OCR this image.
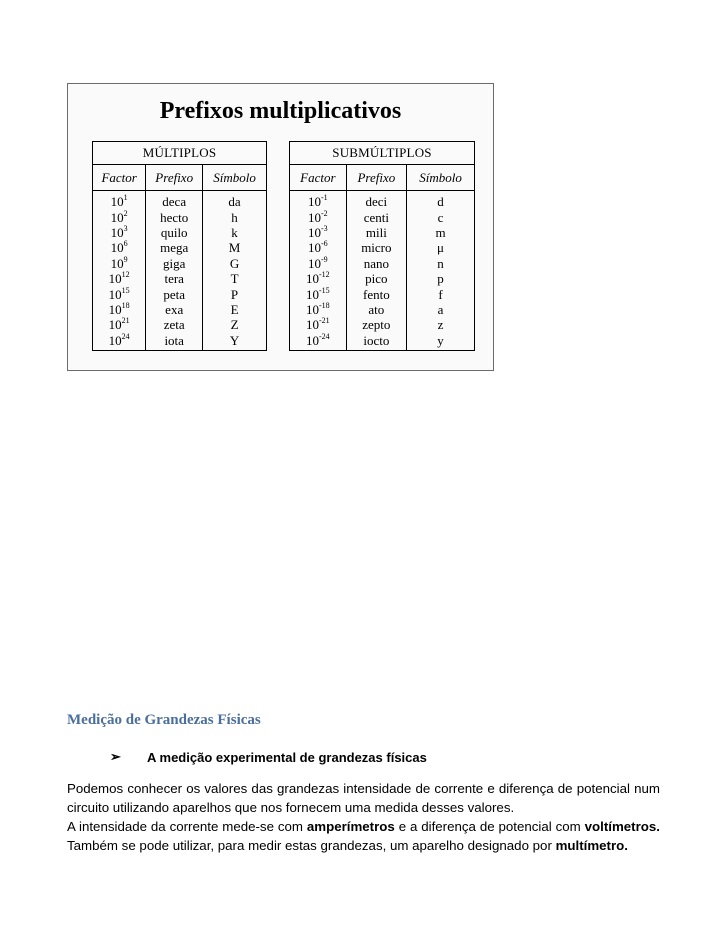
Prefixos multiplicativos
MÚLTIPLOS		
Factor	Prefixo	Símbolo
$10^1$	deca	da
$10^2$	hecto	h
$10^3$	quilo	k
$10^6$	mega	M
$10^9$	giga	G
$10^{12}$	tera	T
$10^{15}$	peta	P
$10^{18}$	exa	E
$10^{21}$	zeta	Z
$10^{24}$	iota	Y
SUBMÚLTIPLOS		
Factor	Prefixo	Símbolo
$10^{-1}$	deci	d
$10^{-2}$	centi	c
$10^{-3}$	mili	m
$10^{-6}$	micro	μ
$10^{-9}$	nano	n
$10^{-12}$	pico	p
$10^{-15}$	fento	f
$10^{-18}$	ato	a
$10^{-21}$	zepto	z
$10^{-24}$	iocto	y
Medição de Grandezas Físicas
➢ A medição experimental de grandezas físicas

Podemos conhecer os valores das grandezas intensidade de corrente e diferença de potencial num circuito utilizando aparelhos que nos fornecem uma medida desses valores.

A intensidade da corrente mede-se com amperímetros e a diferença de potencial com voltímetros. Também se pode utilizar, para medir estas grandezas, um aparelho designado por multímetro.
